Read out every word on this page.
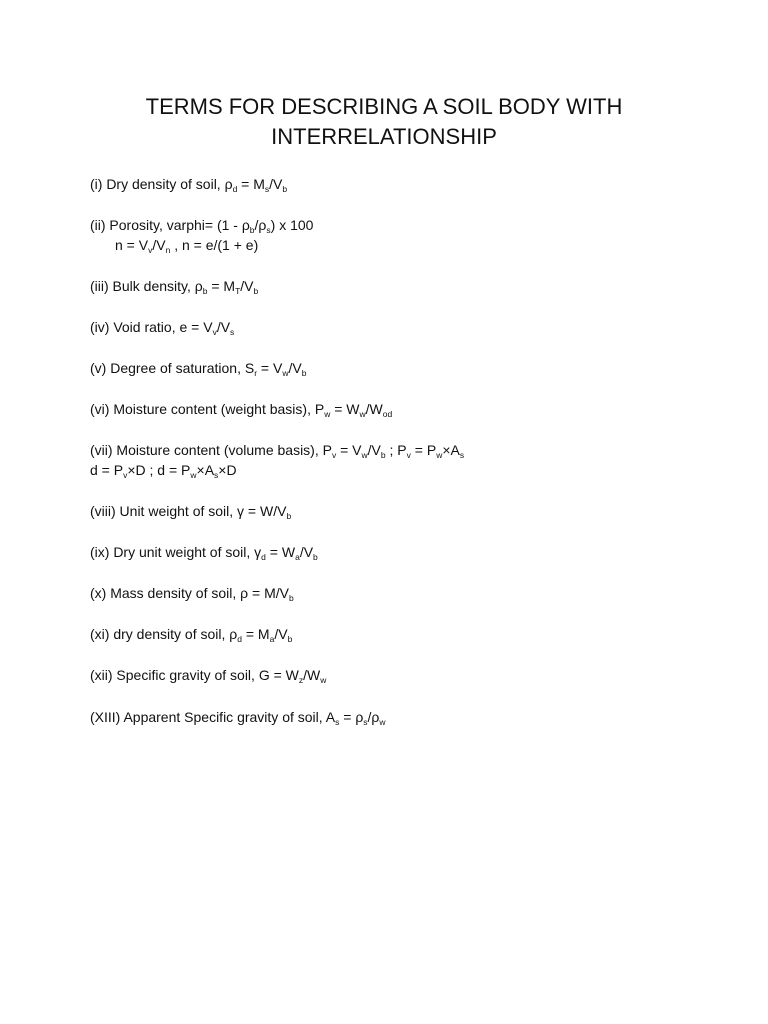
TERMS FOR DESCRIBING A SOIL BODY WITH
INTERRELATIONSHIP
(i) Dry density of soil, $\rho_d = M_s/V_b$
(ii) Porosity, varphi= $(1 - \rho_b/\rho_s)$ x 100
$n = V_v/V_n$ , n = e/(1 + e)
(iii) Bulk density, $\rho_b = M_T/V_b$
(iv) Void ratio, $e = V_v/V_s$
(v) Degree of saturation, $S_r = V_w/V_b$
(vi) Moisture content (weight basis), $P_w = W_w/W_{od}$
(vii) Moisture content (volume basis), $P_v = V_w/V_b$ ; $P_v = P_w\times A_s$
$d = P_v\times D$ ; $d = P_w\times A_s\times D$
(viii) Unit weight of soil, $\gamma = W/V_b$
(ix) Dry unit weight of soil, $\gamma_d = W_a/V_b$
(x) Mass density of soil, $\rho = M/V_b$
(xi) dry density of soil, $\rho_d = M_a/V_b$
(xii) Specific gravity of soil, $G = W_z/W_w$
(XIII) Apparent Specific gravity of soil, $A_s = \rho_s/\rho_w$
